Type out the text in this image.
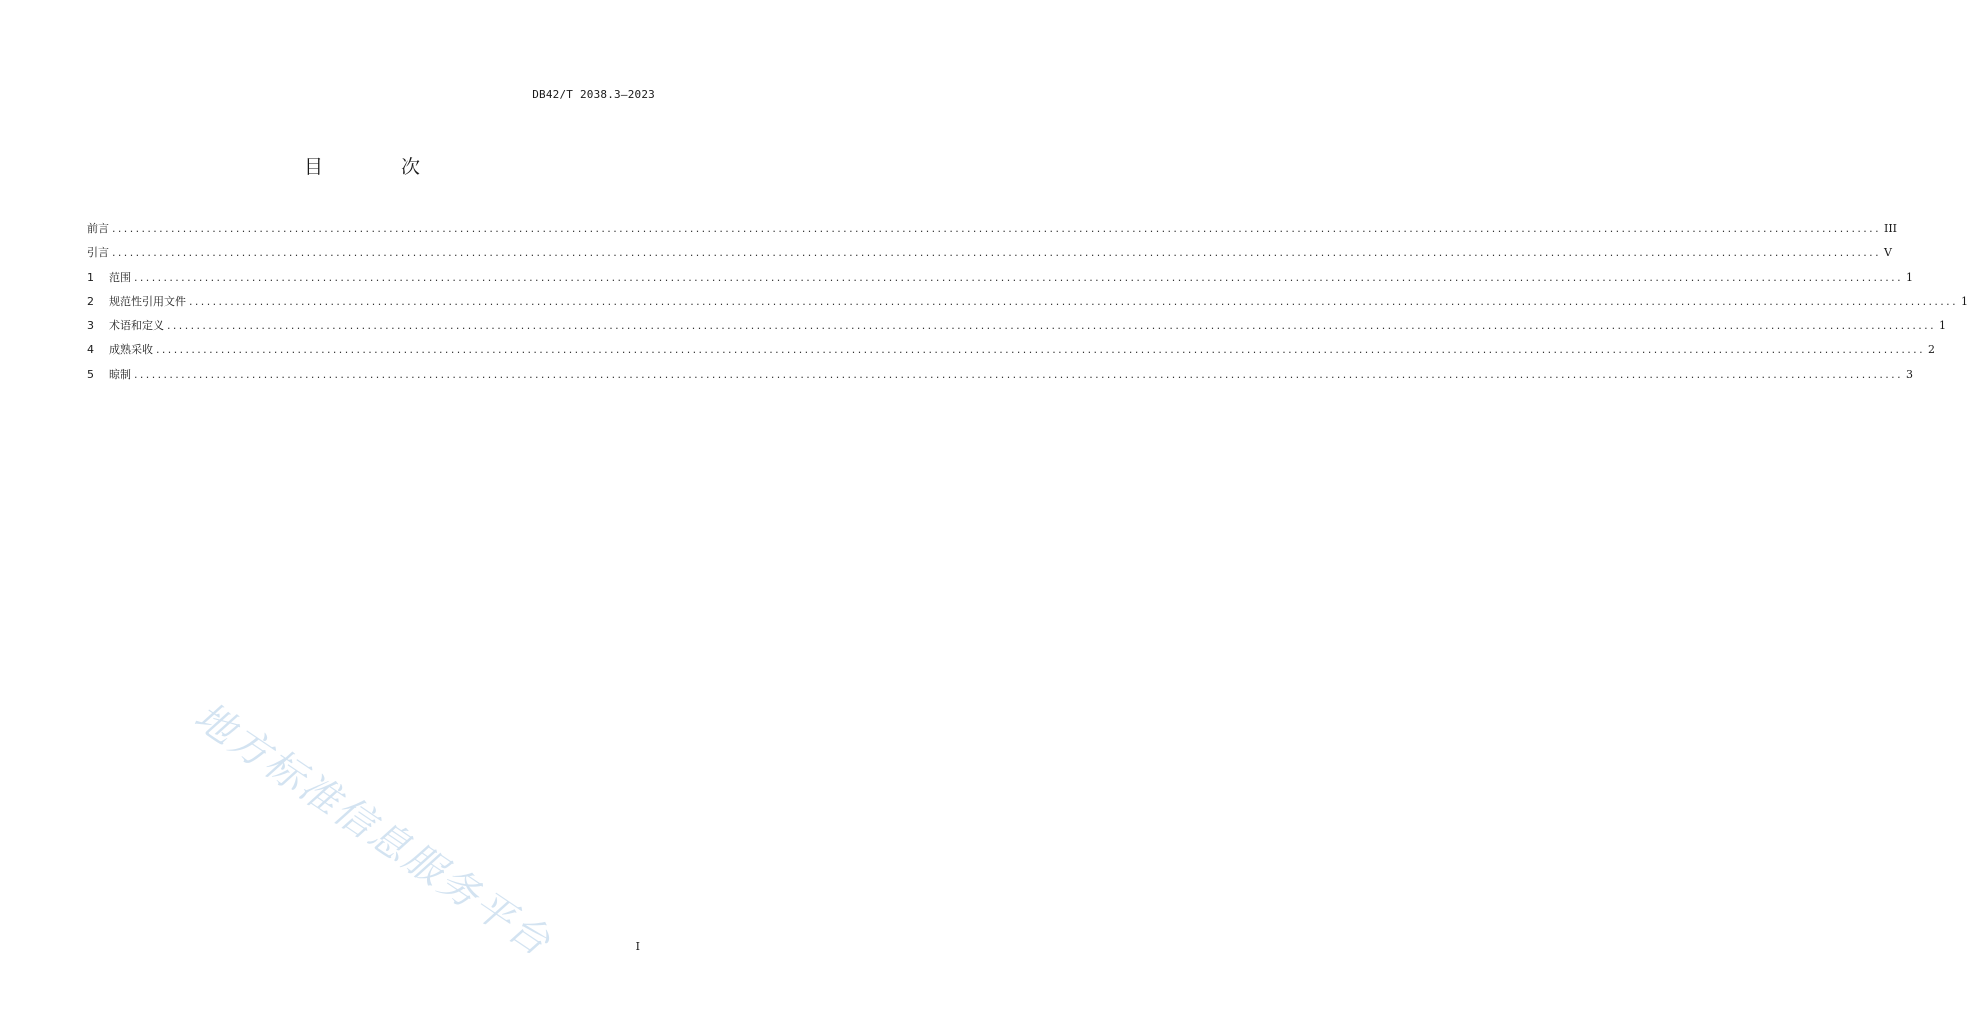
DB42/T 2038.3—2023
目 次
前言 ............................................................................................................................................................................................................................................................................................................ III
引言 ............................................................................................................................................................................................................................................................................................................ V
1	范围 ............................................................................................................................................................................................................................................................................................................ 1
2	规范性引用文件 ............................................................................................................................................................................................................................................................................................................ 1
3	术语和定义 ............................................................................................................................................................................................................................................................................................................ 1
4	成熟采收 ............................................................................................................................................................................................................................................................................................................ 2
5	晾制 ............................................................................................................................................................................................................................................................................................................ 3
地方标准信息服务平台	I
